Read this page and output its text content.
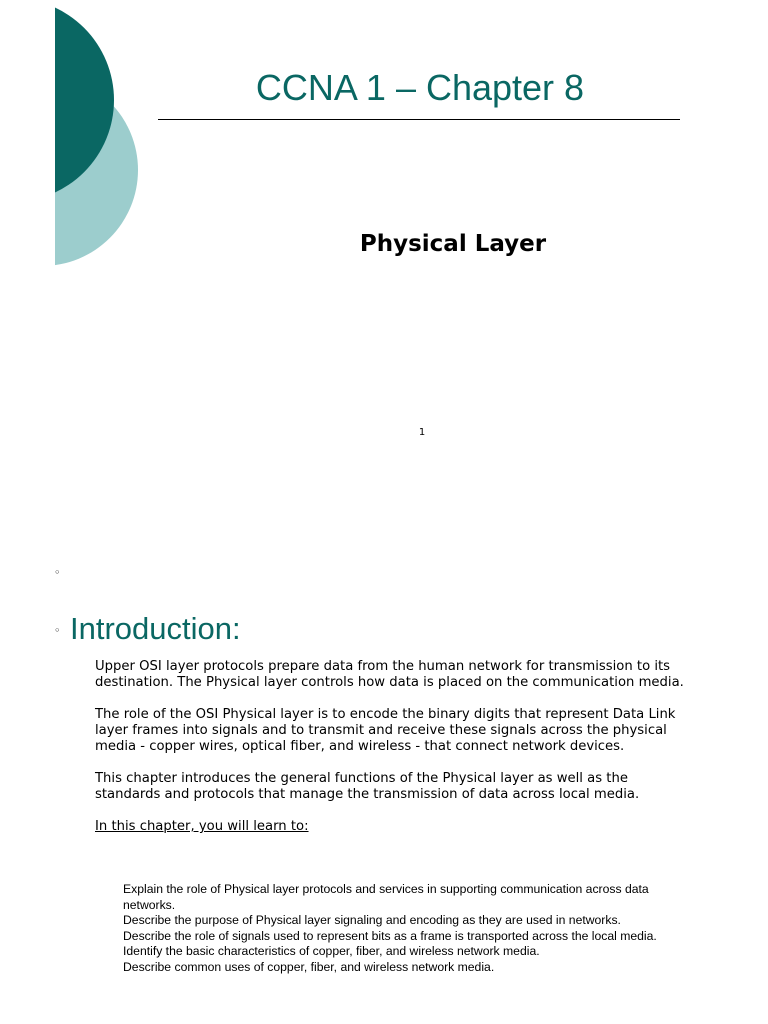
CCNA 1 – Chapter 8
Physical Layer
1
◦
◦ Introduction:

Upper OSI layer protocols prepare data from the human network for transmission to its destination. The Physical layer controls how data is placed on the communication media.

The role of the OSI Physical layer is to encode the binary digits that represent Data Link layer frames into signals and to transmit and receive these signals across the physical media - copper wires, optical fiber, and wireless - that connect network devices.

This chapter introduces the general functions of the Physical layer as well as the standards and protocols that manage the transmission of data across local media.

In this chapter, you will learn to:

Explain the role of Physical layer protocols and services in supporting communication across data networks.
Describe the purpose of Physical layer signaling and encoding as they are used in networks.
Describe the role of signals used to represent bits as a frame is transported across the local media.
Identify the basic characteristics of copper, fiber, and wireless network media.
Describe common uses of copper, fiber, and wireless network media.
